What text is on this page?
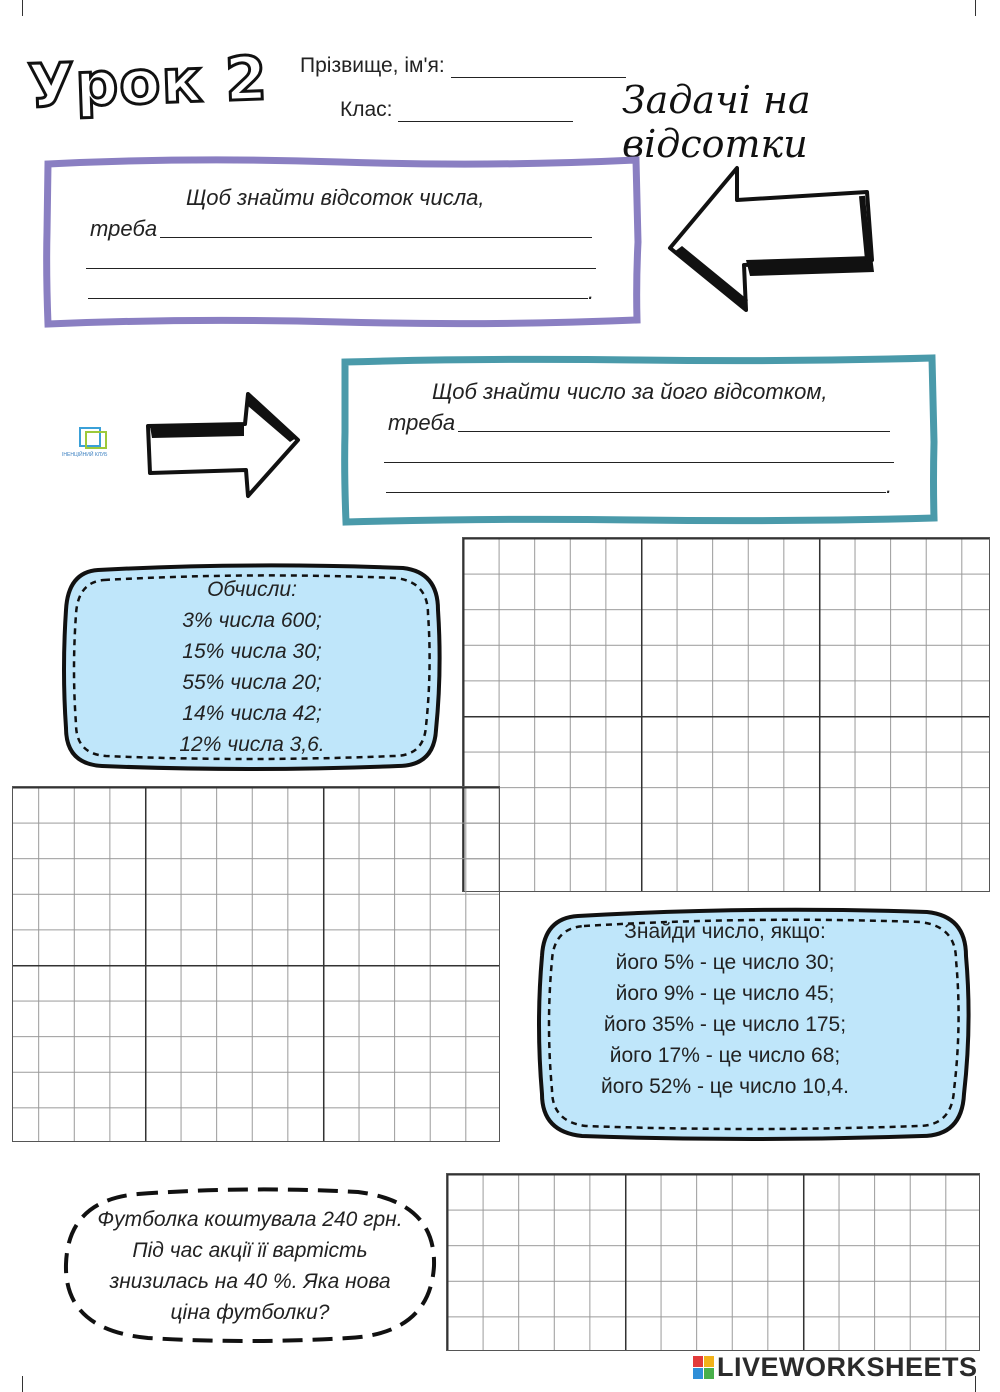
Урок 2 Прізвище, ім'я:
Клас:	Задачі на відсотки
Щоб знайти відсоток числа,
треба
.
ІНЕНЦІЙНИЙ КЛУБ
Щоб знайти число за його відсотком,
треба
.
Обчисли:
3% числа 600;
15% числа 30;
55% числа 20;
14% числа 42;
12% числа 3,6.
Знайди число, якщо:
його 5% - це число 30;
його 9% - це число 45;
його 35% - це число 175;
його 17% - це число 68;
його 52% - це число 10,4.
Футболка коштувала 240 грн.
Під час акції її вартість
знизилась на 40 %. Яка нова
ціна футболки?
LIVEWORKSHEETS
